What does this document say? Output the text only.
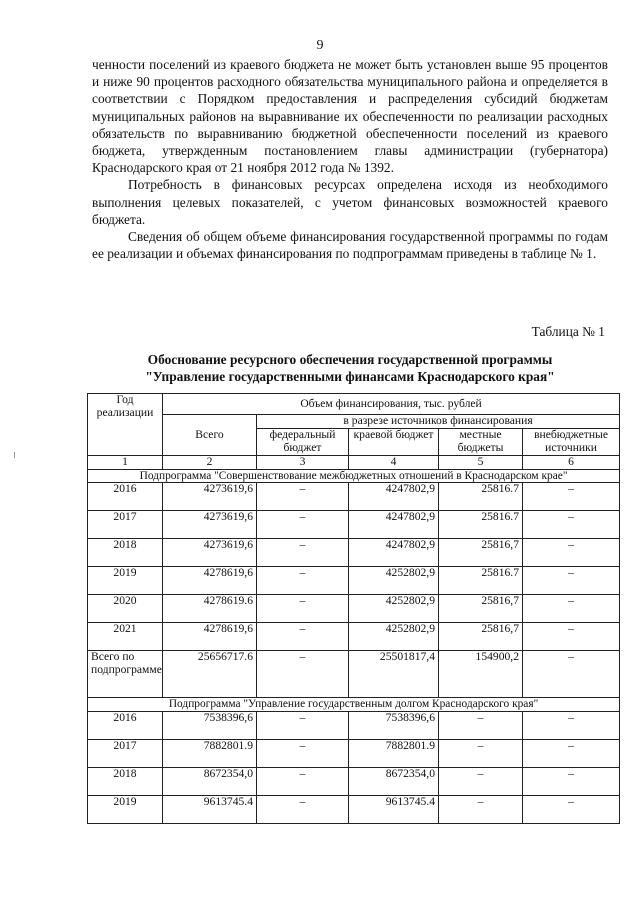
9

ченности поселений из краевого бюджета не может быть установлен выше 95 процентов и ниже 90 процентов расходного обязательства муниципального района и определяется в соответствии с Порядком предоставления и распределения субсидий бюджетам муниципальных районов на выравнивание их обеспеченности по реализации расходных обязательств по выравниванию бюджетной обеспеченности поселений из краевого бюджета, утвержденным постановлением главы администрации (губернатора) Краснодарского края от 21 ноября 2012 года № 1392.

Потребность в финансовых ресурсах определена исходя из необходимого выполнения целевых показателей, с учетом финансовых возможностей краевого бюджета.

Сведения об общем объеме финансирования государственной программы по годам ее реализации и объемах финансирования по подпрограммам приведены в таблице № 1.

Таблица № 1
Обоснование ресурсного обеспечения государственной программы
"Управление государственными финансами Краснодарского края"
Год реализации	Объем финансирования, тыс. рублей				
	Всего	в разрезе источников финансирования			
		федеральный бюджет	краевой бюджет	местные бюджеты	внебюджетные источники
1	2	3	4	5	6
Подпрограмма "Совершенствование межбюджетных отношений в Краснодарском крае"					
2016	4273619,6	–	4247802,9	25816.7	–
2017	4273619,6	–	4247802,9	25816.7	–
2018	4273619,6	–	4247802,9	25816,7	–
2019	4278619,6	–	4252802,9	25816.7	–
2020	4278619.6	–	4252802,9	25816,7	–
2021	4278619,6	–	4252802,9	25816,7	–
Всего по подпрограмме	25656717.6	–	25501817,4	154900,2	–
Подпрограмма "Управление государственным долгом Краснодарского края"					
2016	7538396,6	–	7538396,6	–	–
2017	7882801.9	–	7882801.9	–	–
2018	8672354,0	–	8672354,0	–	–
2019	9613745.4	–	9613745.4	–	–
